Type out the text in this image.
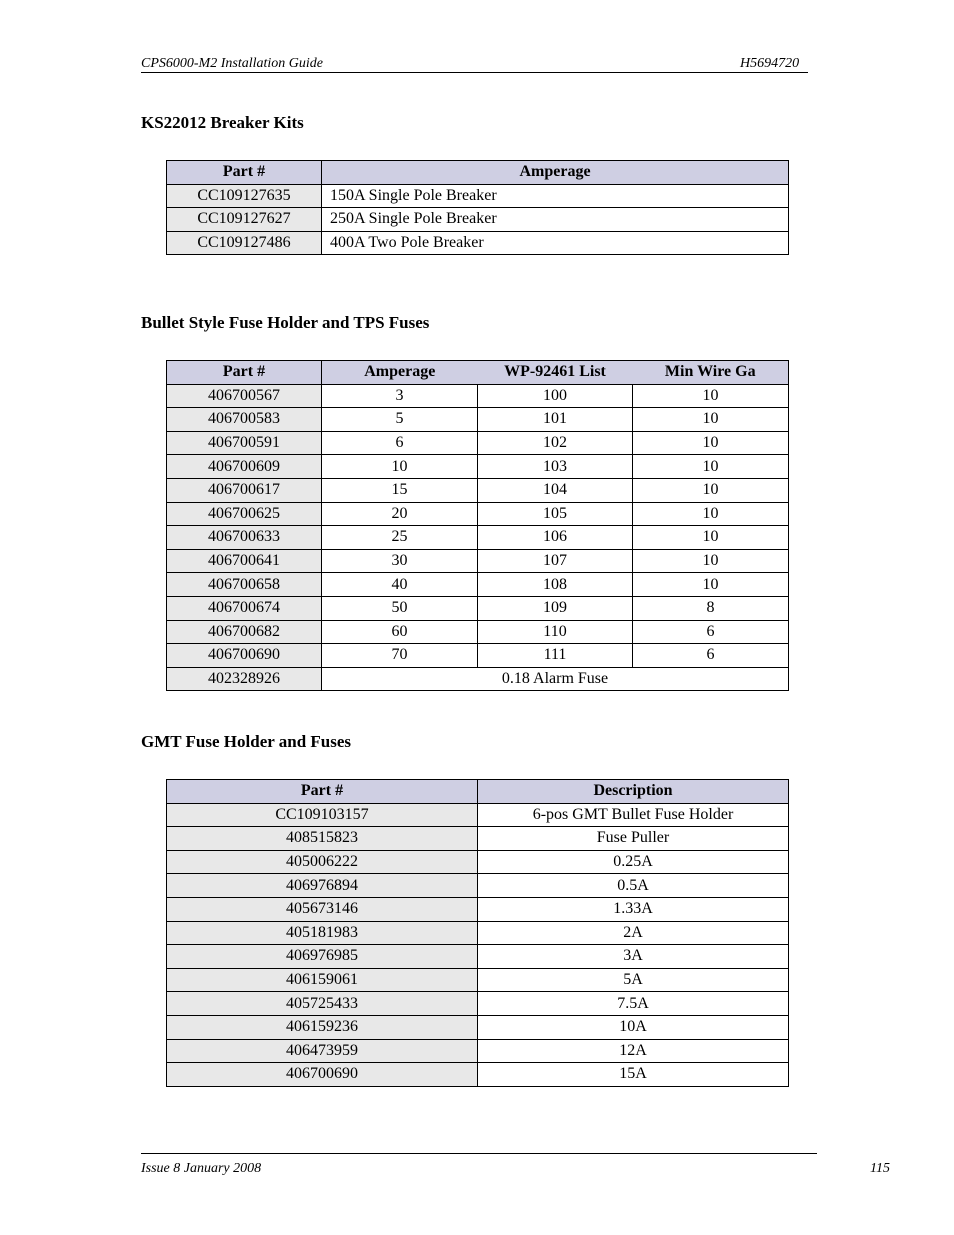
CPS6000-M2 Installation Guide	H5694720
KS22012 Breaker Kits
Part #	Amperage
CC109127635	150A Single Pole Breaker
CC109127627	250A Single Pole Breaker
CC109127486	400A Two Pole Breaker
Bullet Style Fuse Holder and TPS Fuses
Part #	Amperage	WP-92461 List	Min Wire Ga
406700567	3	100	10
406700583	5	101	10
406700591	6	102	10
406700609	10	103	10
406700617	15	104	10
406700625	20	105	10
406700633	25	106	10
406700641	30	107	10
406700658	40	108	10
406700674	50	109	8
406700682	60	110	6
406700690	70	111	6
402328926	0.18 Alarm Fuse		
GMT Fuse Holder and Fuses
Part #	Description
CC109103157	6-pos GMT Bullet Fuse Holder
408515823	Fuse Puller
405006222	0.25A
406976894	0.5A
405673146	1.33A
405181983	2A
406976985	3A
406159061	5A
405725433	7.5A
406159236	10A
406473959	12A
406700690	15A
Issue 8 January 2008	115
